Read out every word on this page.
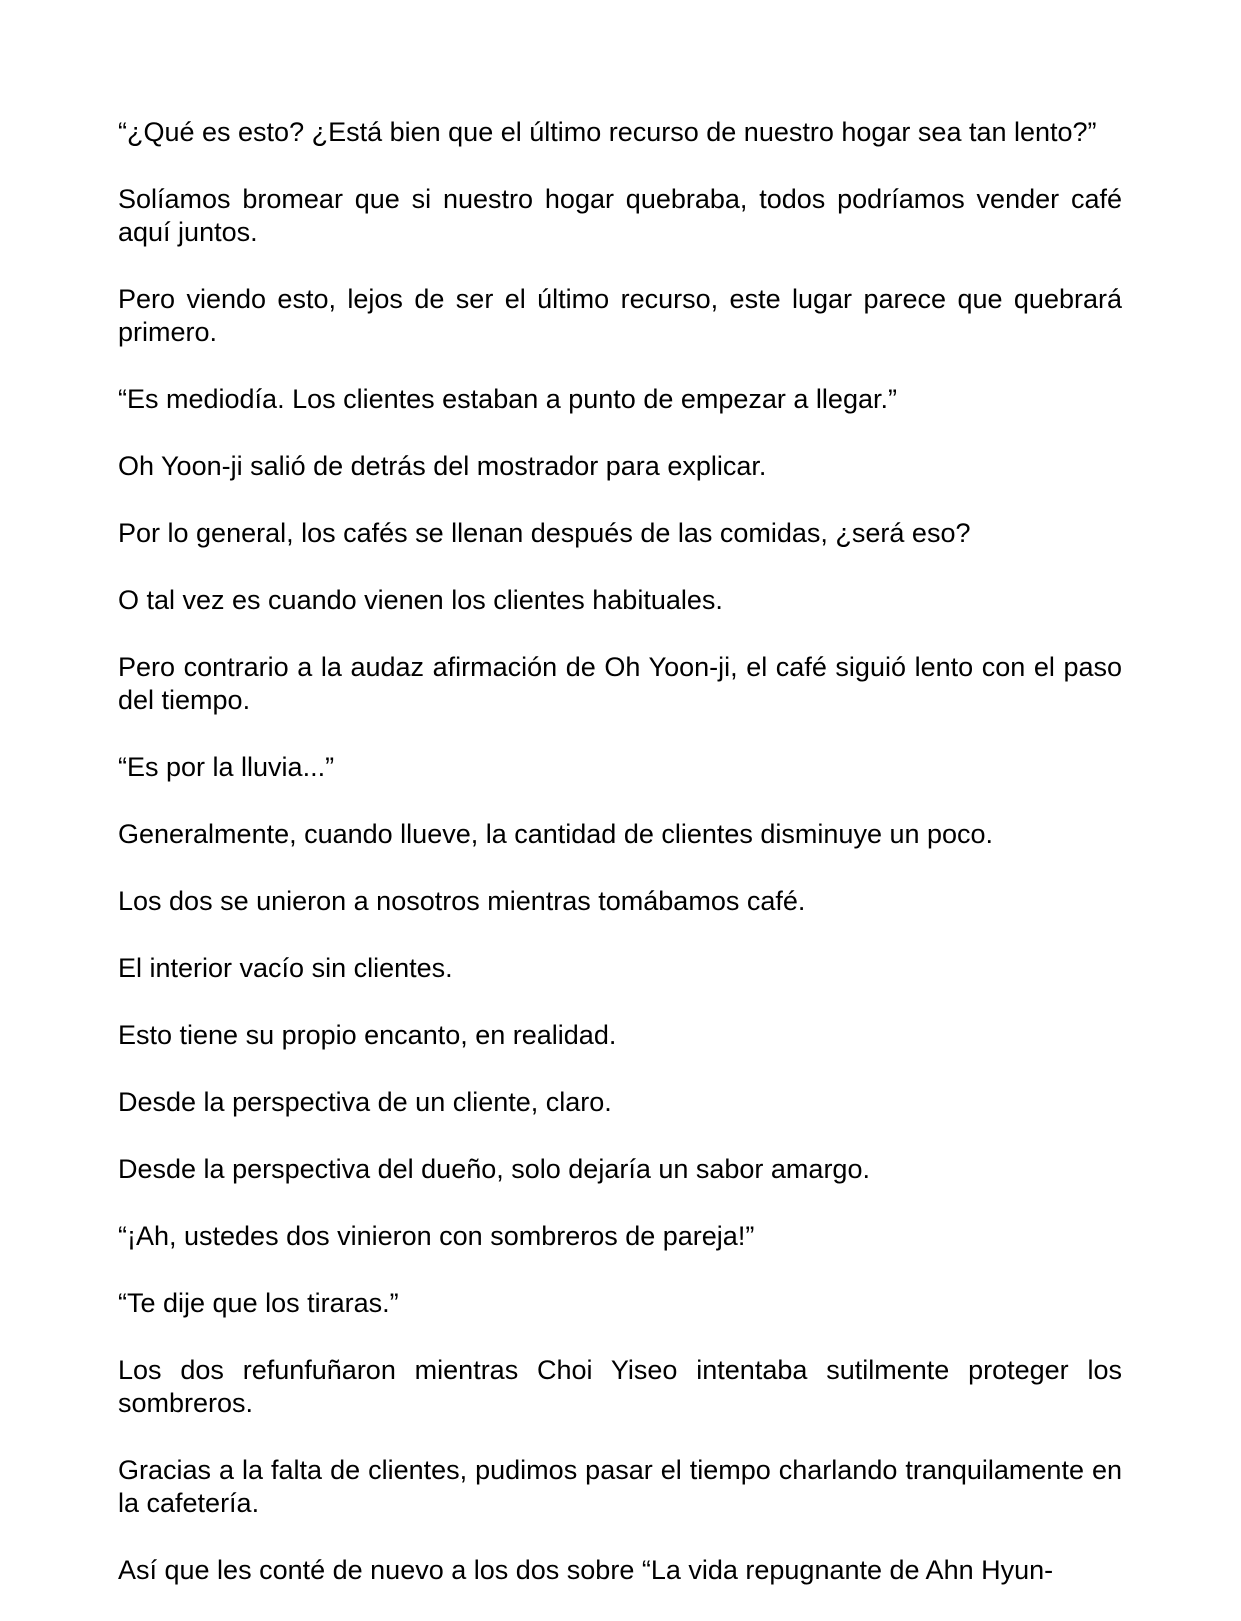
“¿Qué es esto? ¿Está bien que el último recurso de nuestro hogar sea tan lento?”

Solíamos bromear que si nuestro hogar quebraba, todos podríamos vender café aquí juntos.

Pero viendo esto, lejos de ser el último recurso, este lugar parece que quebrará primero.

“Es mediodía. Los clientes estaban a punto de empezar a llegar.”

Oh Yoon-ji salió de detrás del mostrador para explicar.

Por lo general, los cafés se llenan después de las comidas, ¿será eso?

O tal vez es cuando vienen los clientes habituales.

Pero contrario a la audaz afirmación de Oh Yoon-ji, el café siguió lento con el paso del tiempo.

“Es por la lluvia...”

Generalmente, cuando llueve, la cantidad de clientes disminuye un poco.

Los dos se unieron a nosotros mientras tomábamos café.

El interior vacío sin clientes.

Esto tiene su propio encanto, en realidad.

Desde la perspectiva de un cliente, claro.

Desde la perspectiva del dueño, solo dejaría un sabor amargo.

“¡Ah, ustedes dos vinieron con sombreros de pareja!”

“Te dije que los tiraras.”

Los dos refunfuñaron mientras Choi Yiseo intentaba sutilmente proteger los sombreros.

Gracias a la falta de clientes, pudimos pasar el tiempo charlando tranquilamente en la cafetería.

Así que les conté de nuevo a los dos sobre “La vida repugnante de Ahn Hyun-
